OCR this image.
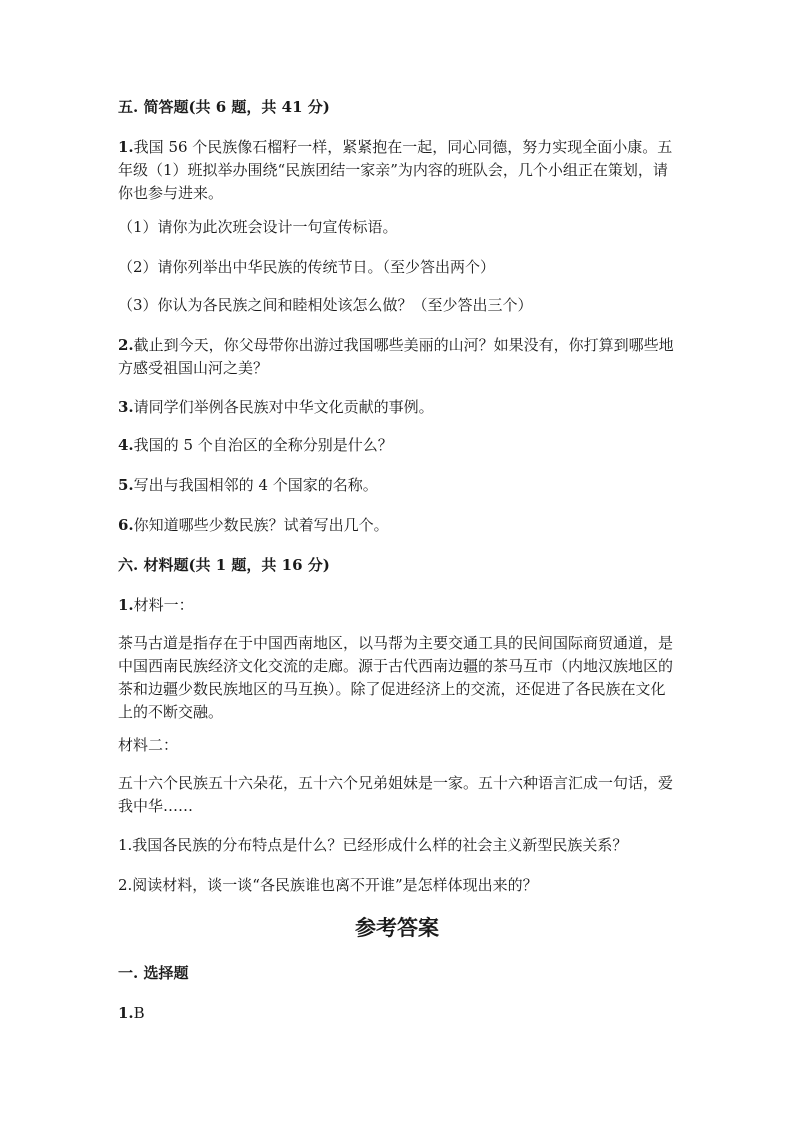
五. 简答题(共 6 题，共 41 分)

1.我国 56 个民族像石榴籽一样，紧紧抱在一起，同心同德，努力实现全面小康。五年级（1）班拟举办围绕“民族团结一家亲”为内容的班队会，几个小组正在策划，请你也参与进来。

（1）请你为此次班会设计一句宣传标语。

（2）请你列举出中华民族的传统节日。（至少答出两个）

（3）你认为各民族之间和睦相处该怎么做？（至少答出三个）

2.截止到今天，你父母带你出游过我国哪些美丽的山河？如果没有，你打算到哪些地方感受祖国山河之美？

3.请同学们举例各民族对中华文化贡献的事例。

4.我国的 5 个自治区的全称分别是什么？

5.写出与我国相邻的 4 个国家的名称。

6.你知道哪些少数民族？试着写出几个。

六. 材料题(共 1 题，共 16 分)

1.材料一：

茶马古道是指存在于中国西南地区，以马帮为主要交通工具的民间国际商贸通道，是中国西南民族经济文化交流的走廊。源于古代西南边疆的茶马互市（内地汉族地区的茶和边疆少数民族地区的马互换）。除了促进经济上的交流，还促进了各民族在文化上的不断交融。

材料二：

五十六个民族五十六朵花，五十六个兄弟姐妹是一家。五十六种语言汇成一句话，爱我中华……

1.我国各民族的分布特点是什么？已经形成什么样的社会主义新型民族关系？

2.阅读材料，谈一谈“各民族谁也离不开谁”是怎样体现出来的？

参考答案

一. 选择题

1.B
